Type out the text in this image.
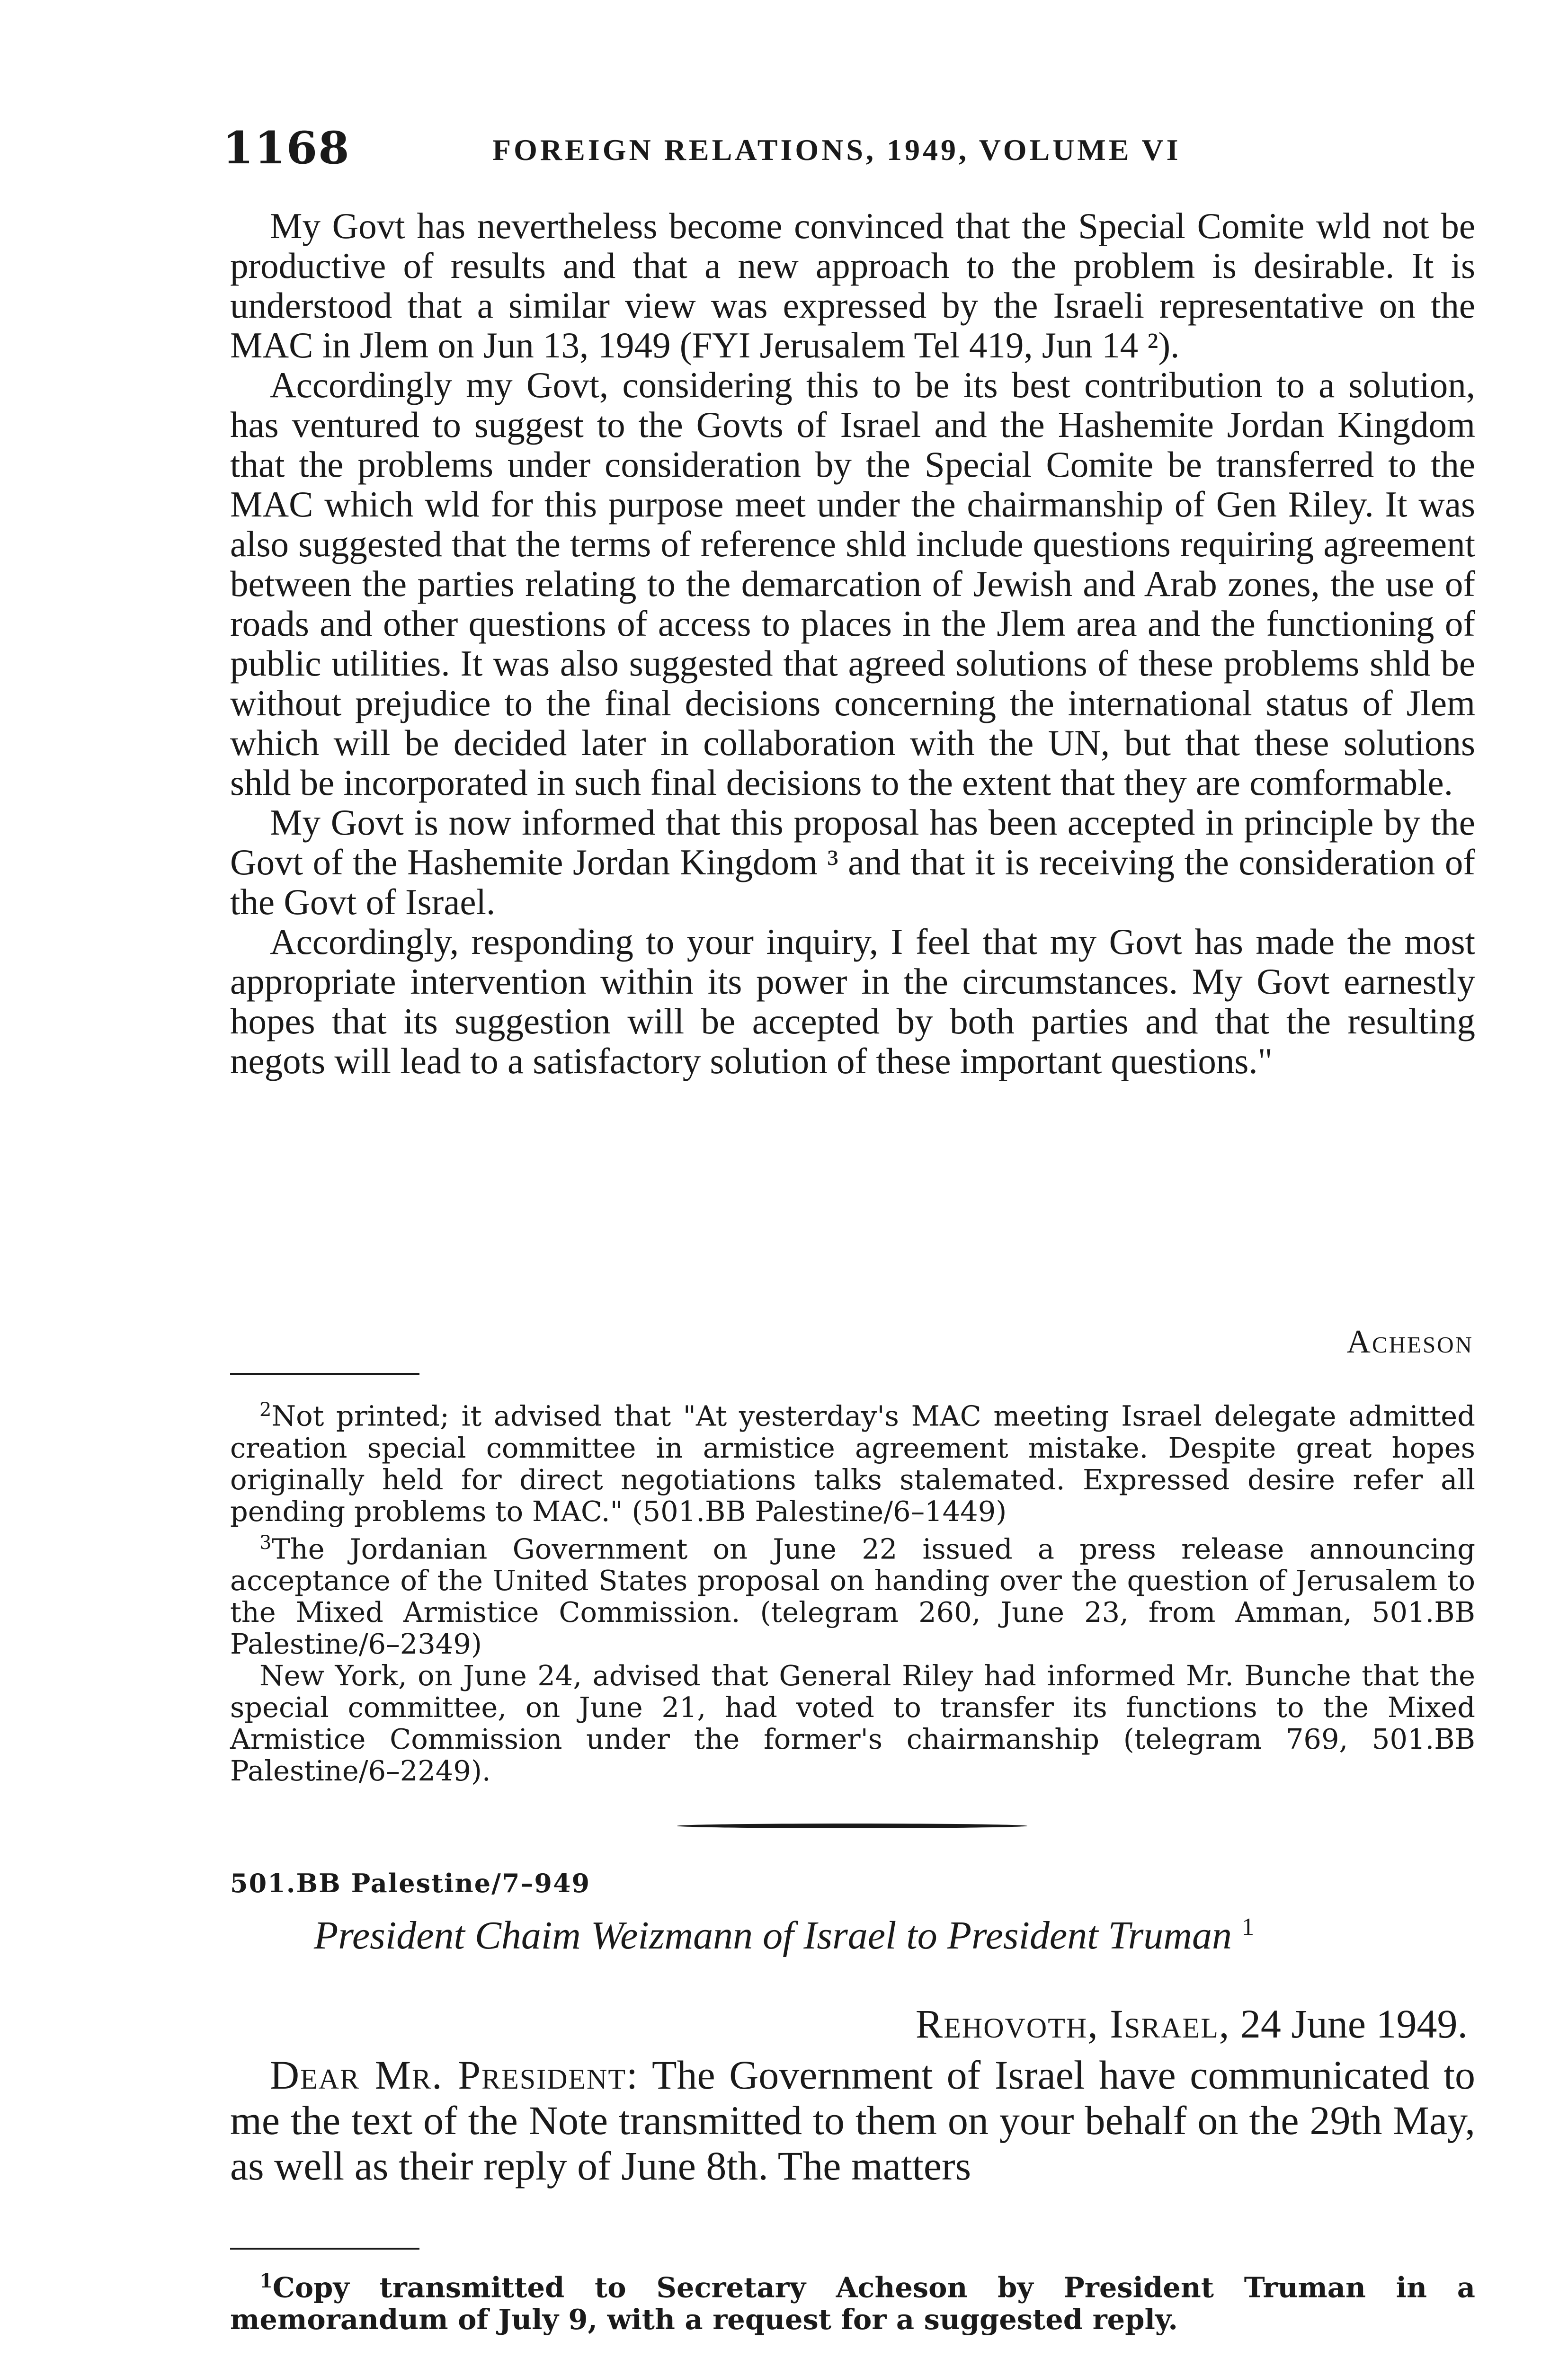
1168	FOREIGN RELATIONS, 1949, VOLUME VI

My Govt has nevertheless become convinced that the Special Comite wld not be productive of results and that a new approach to the problem is desirable. It is understood that a similar view was expressed by the Israeli representative on the MAC in Jlem on Jun 13, 1949 (FYI Jerusalem Tel 419, Jun 14 ²).

Accordingly my Govt, considering this to be its best contribution to a solution, has ventured to suggest to the Govts of Israel and the Hashemite Jordan Kingdom that the problems under consideration by the Special Comite be transferred to the MAC which wld for this purpose meet under the chairmanship of Gen Riley. It was also suggested that the terms of reference shld include questions requiring agreement between the parties relating to the demarcation of Jewish and Arab zones, the use of roads and other questions of access to places in the Jlem area and the functioning of public utilities. It was also suggested that agreed solutions of these problems shld be without prejudice to the final decisions concerning the international status of Jlem which will be decided later in collaboration with the UN, but that these solutions shld be incorporated in such final decisions to the extent that they are comformable.

My Govt is now informed that this proposal has been accepted in principle by the Govt of the Hashemite Jordan Kingdom ³ and that it is receiving the consideration of the Govt of Israel.

Accordingly, responding to your inquiry, I feel that my Govt has made the most appropriate intervention within its power in the circumstances. My Govt earnestly hopes that its suggestion will be accepted by both parties and that the resulting negots will lead to a satisfactory solution of these important questions."

Acheson

$^2$Not printed; it advised that "At yesterday's MAC meeting Israel delegate admitted creation special committee in armistice agreement mistake. Despite great hopes originally held for direct negotiations talks stalemated. Expressed desire refer all pending problems to MAC." (501.BB Palestine/6–1449)

$^3$The Jordanian Government on June 22 issued a press release announcing acceptance of the United States proposal on handing over the question of Jerusalem to the Mixed Armistice Commission. (telegram 260, June 23, from Amman, 501.BB Palestine/6–2349)

New York, on June 24, advised that General Riley had informed Mr. Bunche that the special committee, on June 21, had voted to transfer its functions to the Mixed Armistice Commission under the former's chairmanship (telegram 769, 501.BB Palestine/6–2249).

501.BB Palestine/7–949
President Chaim Weizmann of Israel to President Truman $^1$
Rehovoth, Israel, 24 June 1949.

Dear Mr. President: The Government of Israel have communicated to me the text of the Note transmitted to them on your behalf on the 29th May, as well as their reply of June 8th. The matters

$^1$Copy transmitted to Secretary Acheson by President Truman in a memorandum of July 9, with a request for a suggested reply.
